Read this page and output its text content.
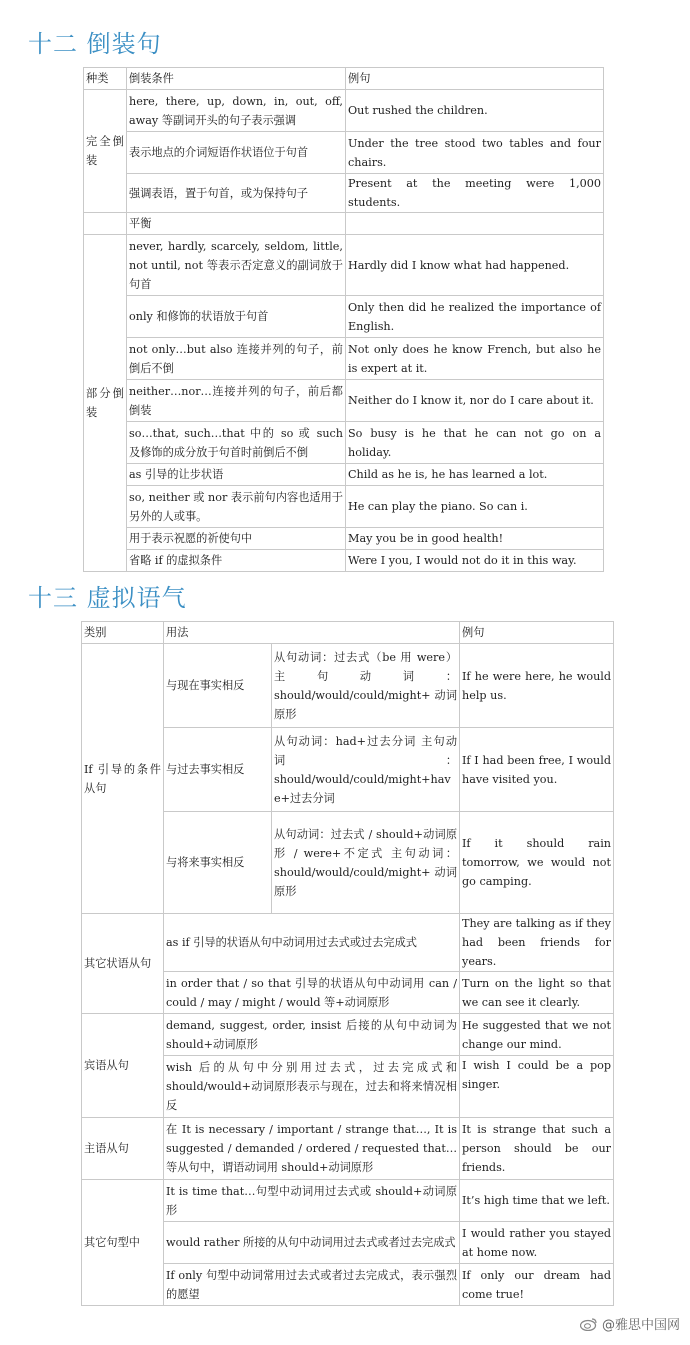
十二 倒装句
种类	倒装条件	例句
完全倒装	here, there, up, down, in, out, off, away 等副词开头的句子表示强调	Out rushed the children.
	表示地点的介词短语作状语位于句首	Under the tree stood two tables and four chairs.
	强调表语，置于句首，或为保持句子	Present at the meeting were 1,000 students.
	平衡	
部分倒装	never, hardly, scarcely, seldom, little, not until, not 等表示否定意义的副词放于句首	Hardly did I know what had happened.
	only 和修饰的状语放于句首	Only then did he realized the importance of English.
	not only…but also 连接并列的句子，前倒后不倒	Not only does he know French, but also he is expert at it.
	neither…nor…连接并列的句子，前后都倒装	Neither do I know it, nor do I care about it.
	so…that, such…that 中的 so 或 such 及修饰的成分放于句首时前倒后不倒	So busy is he that he can not go on a holiday.
	as 引导的让步状语	Child as he is, he has learned a lot.
	so, neither 或 nor 表示前句内容也适用于另外的人或事。	He can play the piano. So can i.
	用于表示祝愿的祈使句中	May you be in good health!
	省略 if 的虚拟条件	Were I you, I would not do it in this way.
十三 虚拟语气
类别	用法		例句
If 引导的条件从句	与现在事实相反	从句动词：过去式（be 用 were）主句动词：should/would/could/might+ 动词原形	If he were here, he would help us.
	与过去事实相反	从句动词：had+过去分词 主句动词：should/would/could/might+have+过去分词	If I had been free, I would have visited you.
	与将来事实相反	从句动词：过去式 / should+动词原形 / were+不定式 主句动词：should/would/could/might+ 动词原形	If it should rain tomorrow, we would not go camping.
其它状语从句	as if 引导的状语从句中动词用过去式或过去完成式		They are talking as if they had been friends for years.
	in order that / so that 引导的状语从句中动词用 can / could / may / might / would 等+动词原形		Turn on the light so that we can see it clearly.
宾语从句	demand, suggest, order, insist 后接的从句中动词为 should+动词原形		He suggested that we not change our mind.
	wish 后的从句中分别用过去式，过去完成式和 should/would+动词原形表示与现在，过去和将来情况相反		I wish I could be a pop singer.
主语从句	在 It is necessary / important / strange that…, It is suggested / demanded / ordered / requested that… 等从句中，谓语动词用 should+动词原形		It is strange that such a person should be our friends.
其它句型中	It is time that…句型中动词用过去式或 should+动词原形		It’s high time that we left.
	would rather 所接的从句中动词用过去式或者过去完成式		I would rather you stayed at home now.
	If only 句型中动词常用过去式或者过去完成式，表示强烈的愿望		If only our dream had come true!
@雅思中国网
